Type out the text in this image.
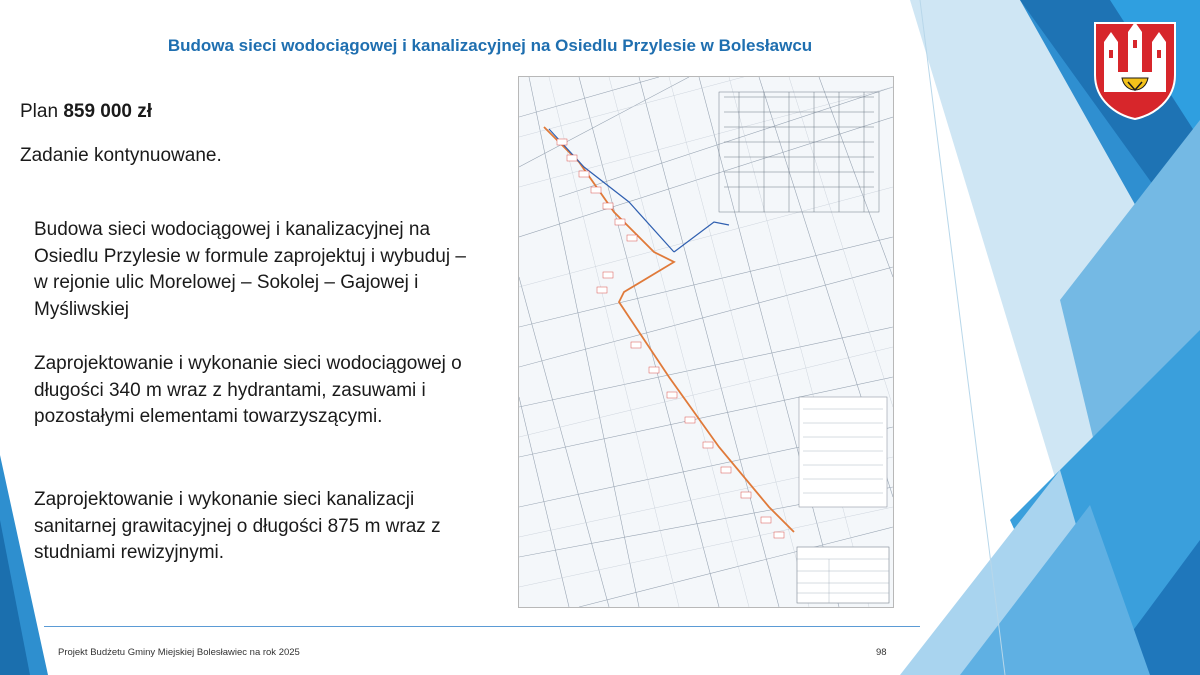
Budowa sieci wodociągowej i kanalizacyjnej na Osiedlu Przylesie w Bolesławcu
Plan 859 000 zł
Zadanie kontynuowane.
Budowa sieci wodociągowej i kanalizacyjnej na Osiedlu Przylesie w formule zaprojektuj i wybuduj – w rejonie ulic Morelowej – Sokolej – Gajowej i Myśliwskiej
Zaprojektowanie i wykonanie sieci wodociągowej o długości 340 m wraz z hydrantami, zasuwami i pozostałymi elementami towarzyszącymi.
Zaprojektowanie i wykonanie sieci kanalizacji sanitarnej grawitacyjnej o długości 875 m wraz z studniami rewizyjnymi.
Projekt Budżetu Gminy Miejskiej Bolesławiec na rok 2025	98
